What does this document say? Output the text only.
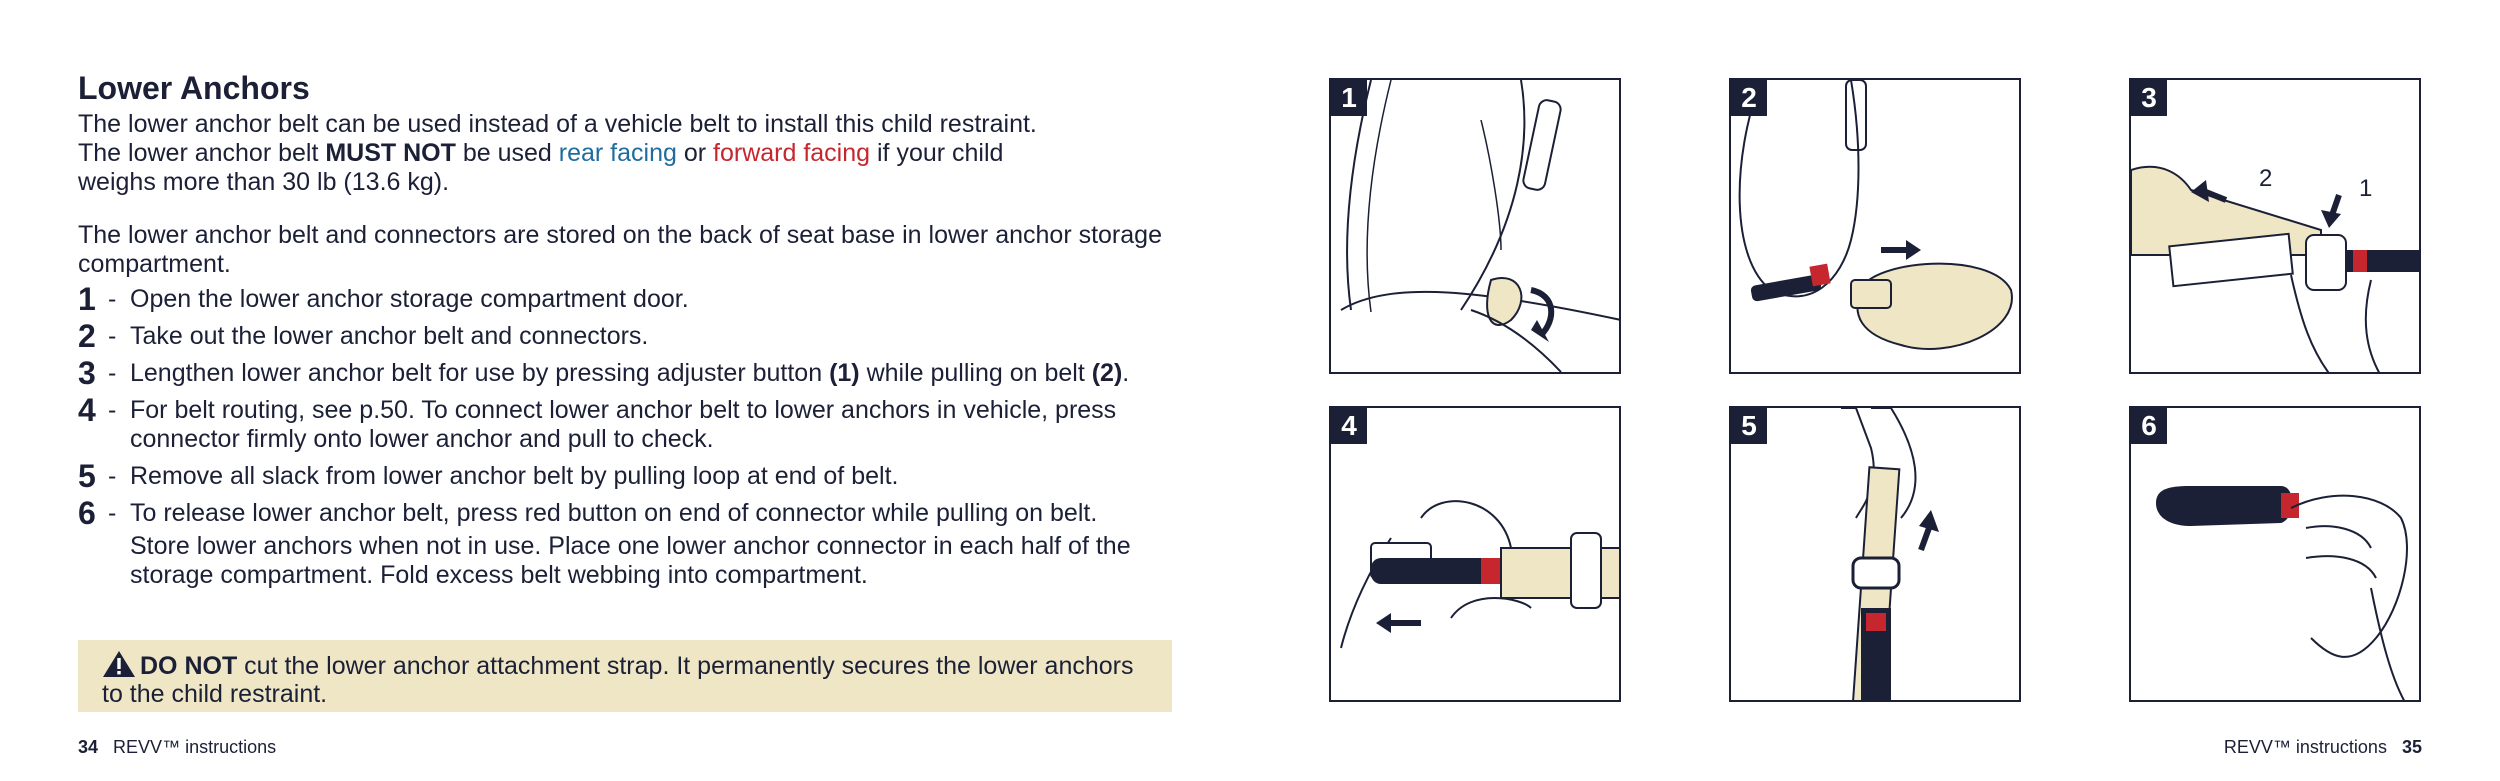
Lower Anchors
The lower anchor belt can be used instead of a vehicle belt to install this child restraint.
The lower anchor belt MUST NOT be used rear facing or forward facing if your child
weighs more than 30 lb (13.6 kg).
The lower anchor belt and connectors are stored on the back of seat base in lower anchor storage compartment.
1 - Open the lower anchor storage compartment door.
2 - Take out the lower anchor belt and connectors.
3 - Lengthen lower anchor belt for use by pressing adjuster button (1) while pulling on belt (2).
4 - For belt routing, see p.50. To connect lower anchor belt to lower anchors in vehicle, press connector firmly onto lower anchor and pull to check.
5 - Remove all slack from lower anchor belt by pulling loop at end of belt.
6 - To release lower anchor belt, press red button on end of connector while pulling on belt.
Store lower anchors when not in use. Place one lower anchor connector in each half of the storage compartment. Fold excess belt webbing into compartment.
DO NOT cut the lower anchor attachment strap. It permanently secures the lower anchors to the child restraint.
34 REVV™ instructions	REVV™ instructions 35
1	2	3
2	1
4	5	6
